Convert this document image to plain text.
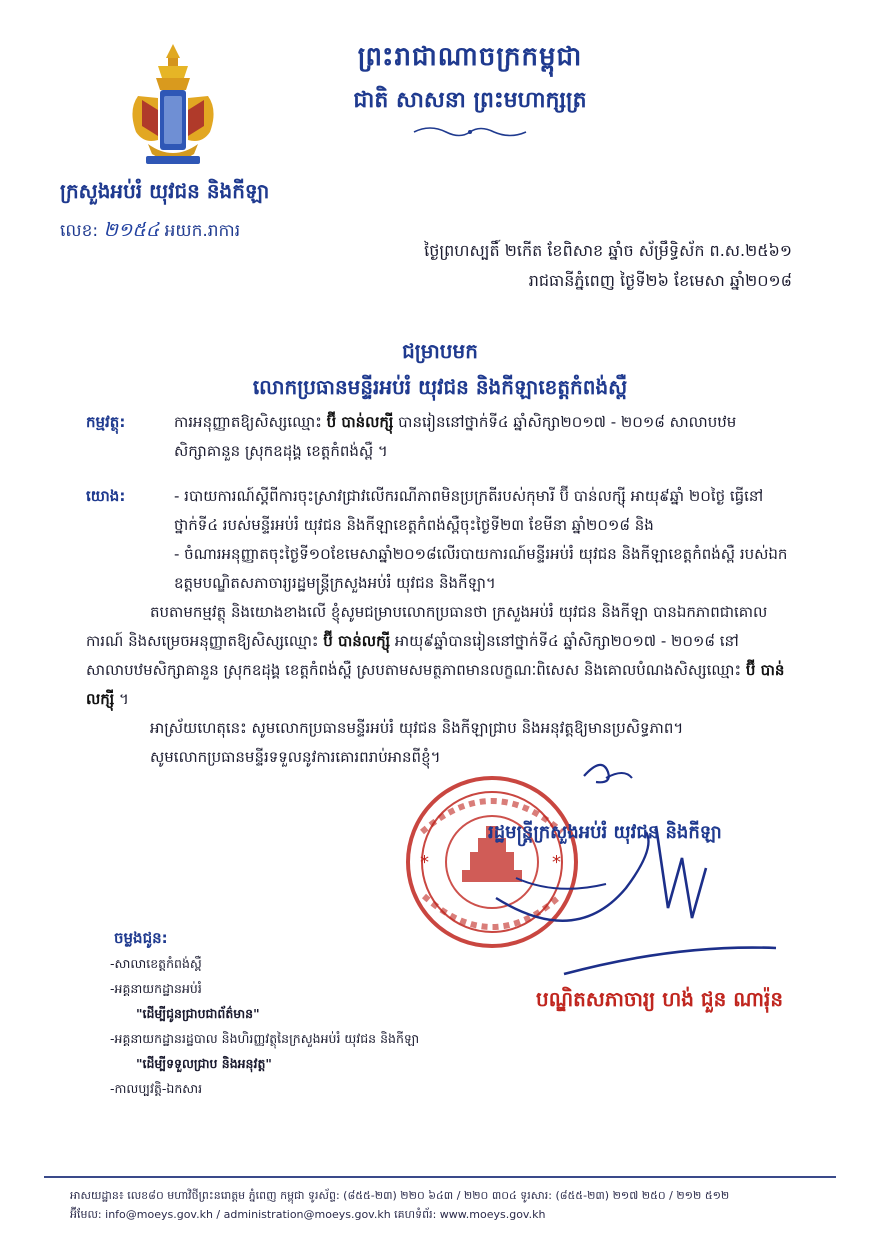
ព្រះរាជាណាចក្រកម្ពុជា
ជាតិ សាសនា ព្រះមហាក្សត្រ
ក្រសួងអប់រំ យុវជន និងកីឡា
លេខ: ២១៥៤ អយក.រាការ
ថ្ងៃព្រហស្បតិ៍ ២កើត ខែពិសាខ ឆ្នាំច ស័ម្រឹទ្ធិស័ក ព.ស.២៥៦១
រាជធានីភ្នំពេញ ថ្ងៃទី២៦ ខែមេសា ឆ្នាំ២០១៨
ជម្រាបមក
លោកប្រធានមន្ទីរអប់រំ យុវជន និងកីឡាខេត្តកំពង់ស្ពឺ
កម្មវត្ថុ:	ការអនុញ្ញាតឱ្យសិស្សឈ្មោះ ប៊ី បាន់លក្ស៊ី បានរៀននៅថ្នាក់ទី៤ ឆ្នាំសិក្សា២០១៧ - ២០១៨ សាលាបឋមសិក្សាគានួន ស្រុកឧដុង្គ ខេត្តកំពង់ស្ពឺ ។
យោង:	- របាយការណ៍ស្ដីពីការចុះស្រាវជ្រាវលើករណីភាពមិនប្រក្រតីរបស់កុមារី ប៊ី បាន់លក្ស៊ី អាយុ៩ឆ្នាំ ២០ថ្ងៃ ធ្វើនៅថ្នាក់ទី៤ របស់មន្ទីរអប់រំ យុវជន និងកីឡាខេត្តកំពង់ស្ពឺចុះថ្ងៃទី២៣ ខែមីនា ឆ្នាំ២០១៨ និង
- ចំណារអនុញ្ញាតចុះថ្ងៃទី១០ខែមេសាឆ្នាំ២០១៨លើរបាយការណ៍មន្ទីរអប់រំ យុវជន និងកីឡាខេត្តកំពង់ស្ពឺ របស់ឯកឧត្តមបណ្ឌិតសភាចារ្យរដ្ឋមន្ត្រីក្រសួងអប់រំ យុវជន និងកីឡា។
តបតាមកម្មវត្ថុ និងយោងខាងលើ ខ្ញុំសូមជម្រាបលោកប្រធានថា ក្រសួងអប់រំ យុវជន និងកីឡា បានឯកភាពជាគោលការណ៍ និងសម្រេចអនុញ្ញាតឱ្យសិស្សឈ្មោះ ប៊ី បាន់លក្ស៊ី អាយុ៩ឆ្នាំបានរៀននៅថ្នាក់ទី៤ ឆ្នាំសិក្សា២០១៧ - ២០១៨ នៅសាលាបឋមសិក្សាគានួន ស្រុកឧដុង្គ ខេត្តកំពង់ស្ពឺ ស្របតាមសមត្ថភាពមានលក្ខណៈពិសេស និងគោលបំណងសិស្សឈ្មោះ ប៊ី បាន់លក្ស៊ី ។
អាស្រ័យហេតុនេះ សូមលោកប្រធានមន្ទីរអប់រំ យុវជន និងកីឡាជ្រាប និងអនុវត្តឱ្យមានប្រសិទ្ធភាព។
សូមលោកប្រធានមន្ទីរទទួលនូវការគោរពរាប់អានពីខ្ញុំ។
*	*
រដ្ឋមន្ត្រីក្រសួងអប់រំ យុវជន និងកីឡា
បណ្ឌិតសភាចារ្យ ហង់ ជួន ណារ៉ុន
ចម្លងជូន:
-សាលាខេត្តកំពង់ស្ពឺ
-អគ្គនាយកដ្ឋានអប់រំ
"ដើម្បីជូនជ្រាបជាព័ត៌មាន"
-អគ្គនាយកដ្ឋានរដ្ឋបាល និងហិរញ្ញវត្ថុនៃក្រសួងអប់រំ យុវជន និងកីឡា
"ដើម្បីទទួលជ្រាប និងអនុវត្ត"
-កាលប្បវត្តិ-ឯកសារ
អាសយដ្ឋាន៖ លេខ៨០ មហាវិថីព្រះនរោត្តម ភ្នំពេញ កម្ពុជា ទូរស័ព្ទ: (៨៥៥-២៣) ២២០ ៦៤៣ / ២២០ ៣០៤ ទូរសារ: (៨៥៥-២៣) ២១៧ ២៥០ / ២១២ ៥១២
អ៊ីមែល: info@moeys.gov.kh / administration@moeys.gov.kh គេហទំព័រ: www.moeys.gov.kh
